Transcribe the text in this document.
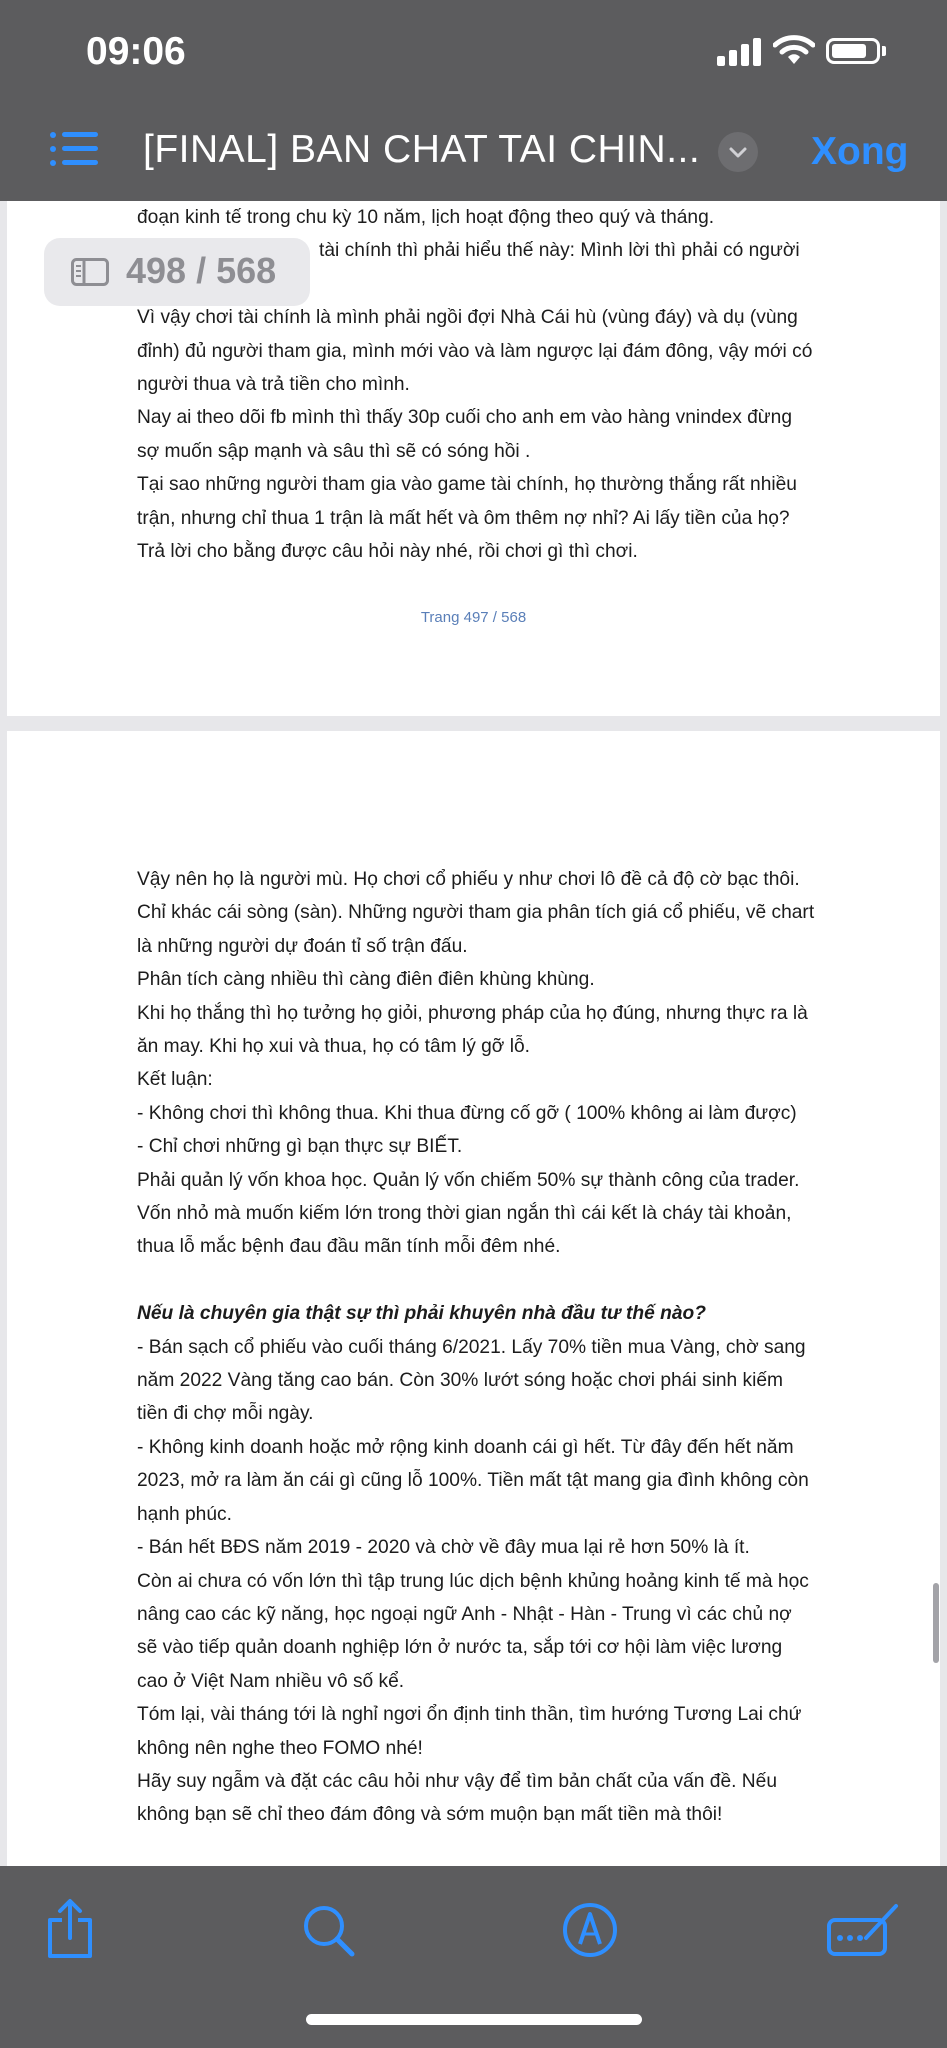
09:06
[FINAL] BAN CHAT TAI CHIN...	Xong

đoạn kinh tế trong chu kỳ 10 năm, lịch hoạt động theo quý và tháng.

tài chính thì phải hiểu thế này: Mình lời thì phải có người

Vì vậy chơi tài chính là mình phải ngồi đợi Nhà Cái hù (vùng đáy) và dụ (vùng đỉnh) đủ người tham gia, mình mới vào và làm ngược lại đám đông, vậy mới có người thua và trả tiền cho mình.

Nay ai theo dõi fb mình thì thấy 30p cuối cho anh em vào hàng vnindex đừng sợ muốn sập mạnh và sâu thì sẽ có sóng hồi .

Tại sao những người tham gia vào game tài chính, họ thường thắng rất nhiều trận, nhưng chỉ thua 1 trận là mất hết và ôm thêm nợ nhỉ? Ai lấy tiền của họ? Trả lời cho bằng được câu hỏi này nhé, rồi chơi gì thì chơi.

Trang 497 / 568

Vậy nên họ là người mù. Họ chơi cổ phiếu y như chơi lô đề cả độ cờ bạc thôi. Chỉ khác cái sòng (sàn). Những người tham gia phân tích giá cổ phiếu, vẽ chart là những người dự đoán tỉ số trận đấu.

Phân tích càng nhiều thì càng điên điên khùng khùng.

Khi họ thắng thì họ tưởng họ giỏi, phương pháp của họ đúng, nhưng thực ra là ăn may. Khi họ xui và thua, họ có tâm lý gỡ lỗ.

Kết luận:

- Không chơi thì không thua. Khi thua đừng cố gỡ ( 100% không ai làm được)

- Chỉ chơi những gì bạn thực sự BIẾT.

Phải quản lý vốn khoa học. Quản lý vốn chiếm 50% sự thành công của trader. Vốn nhỏ mà muốn kiếm lớn trong thời gian ngắn thì cái kết là cháy tài khoản, thua lỗ mắc bệnh đau đầu mãn tính mỗi đêm nhé.

Nếu là chuyên gia thật sự thì phải khuyên nhà đầu tư thế nào?

- Bán sạch cổ phiếu vào cuối tháng 6/2021. Lấy 70% tiền mua Vàng, chờ sang năm 2022 Vàng tăng cao bán. Còn 30% lướt sóng hoặc chơi phái sinh kiếm tiền đi chợ mỗi ngày.

- Không kinh doanh hoặc mở rộng kinh doanh cái gì hết. Từ đây đến hết năm 2023, mở ra làm ăn cái gì cũng lỗ 100%. Tiền mất tật mang gia đình không còn hạnh phúc.

- Bán hết BĐS năm 2019 - 2020 và chờ về đây mua lại rẻ hơn 50% là ít.

Còn ai chưa có vốn lớn thì tập trung lúc dịch bệnh khủng hoảng kinh tế mà học nâng cao các kỹ năng, học ngoại ngữ Anh - Nhật - Hàn - Trung vì các chủ nợ sẽ vào tiếp quản doanh nghiệp lớn ở nước ta, sắp tới cơ hội làm việc lương cao ở Việt Nam nhiều vô số kể.

Tóm lại, vài tháng tới là nghỉ ngơi ổn định tinh thần, tìm hướng Tương Lai chứ không nên nghe theo FOMO nhé!

Hãy suy ngẫm và đặt các câu hỏi như vậy để tìm bản chất của vấn đề. Nếu không bạn sẽ chỉ theo đám đông và sớm muộn bạn mất tiền mà thôi!

498 / 568
